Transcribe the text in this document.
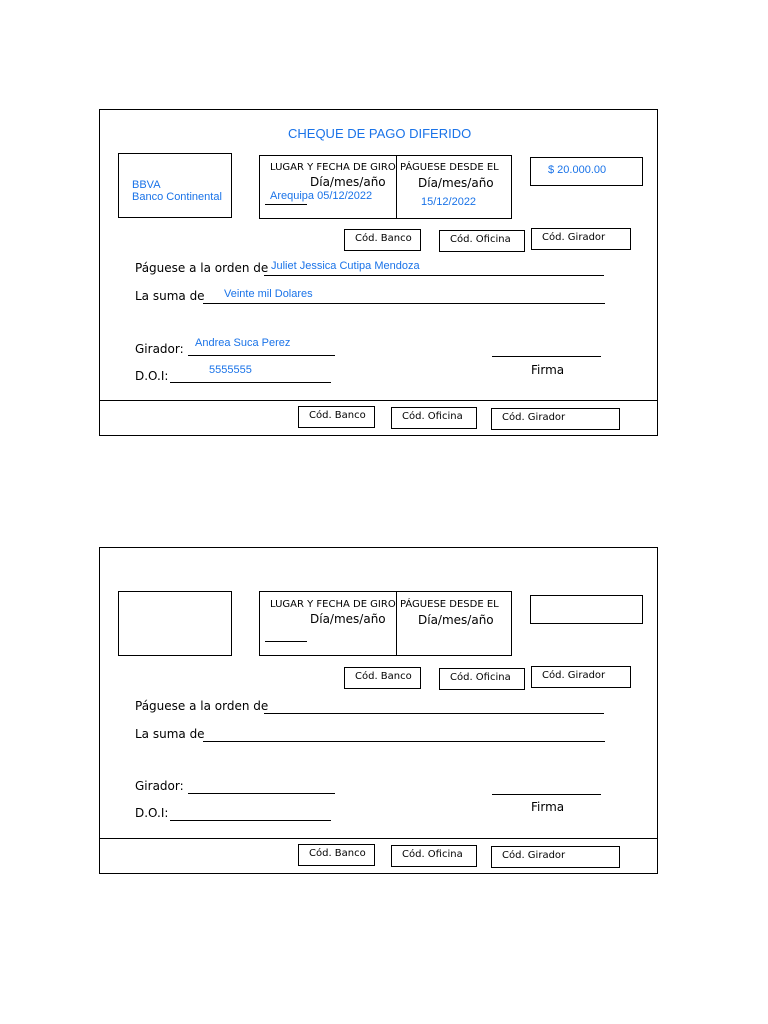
CHEQUE DE PAGO DIFERIDO
BBVA
Banco Continental
LUGAR Y FECHA DE GIRO
Día/mes/año
Arequipa 05/12/2022
PÁGUESE DESDE EL
Día/mes/año
15/12/2022
$ 20.000.00
Cód. Banco	Cód. Oficina	Cód. Girador
Páguese a la orden de Juliet Jessica Cutipa Mendoza
La suma de Veinte mil Dolares
Girador: Andrea Suca Perez
D.O.I:	5555555	Firma
Cód. Banco	Cód. Oficina	Cód. Girador
LUGAR Y FECHA DE GIRO
Día/mes/año
PÁGUESE DESDE EL
Día/mes/año
Cód. Banco	Cód. Oficina	Cód. Girador
Páguese a la orden de
La suma de
Girador:
D.O.I:	Firma
Cód. Banco	Cód. Oficina	Cód. Girador
